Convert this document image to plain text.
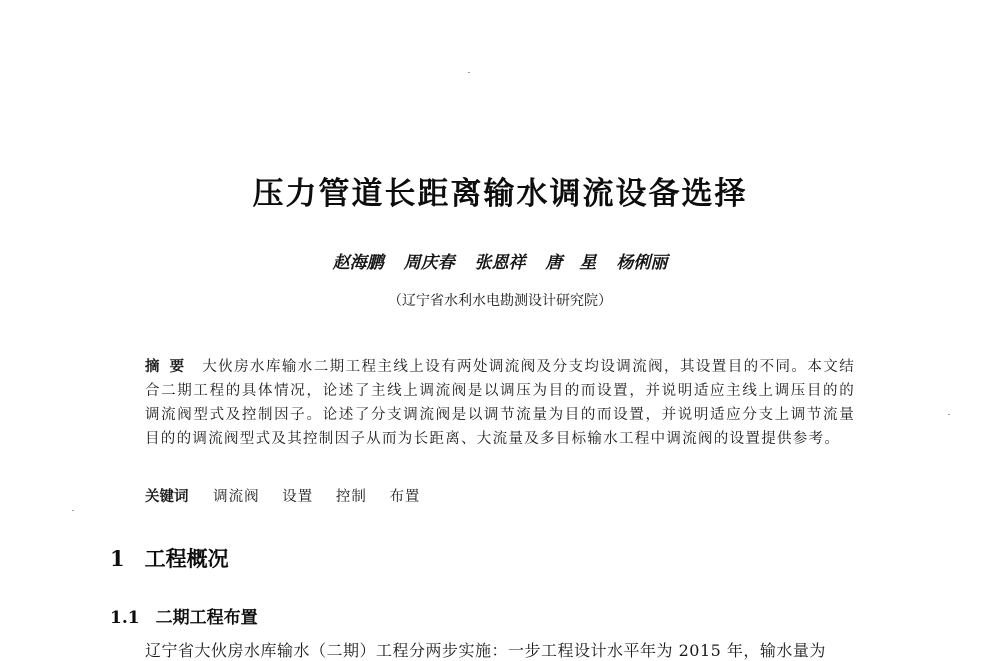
压力管道长距离输水调流设备选择
赵海鹏 周庆春 张恩祥 唐　星 杨俐丽
（辽宁省水利水电勘测设计研究院）
摘要 大伙房水库输水二期工程主线上设有两处调流阀及分支均设调流阀，其设置目的不同。本文结合二期工程的具体情况，论述了主线上调流阀是以调压为目的而设置，并说明适应主线上调压目的的调流阀型式及控制因子。论述了分支调流阀是以调节流量为目的而设置，并说明适应分支上调节流量目的的调流阀型式及其控制因子从而为长距离、大流量及多目标输水工程中调流阀的设置提供参考。
关键词 调流阀 设置 控制 布置
1 工程概况
1.1 二期工程布置
辽宁省大伙房水库输水（二期）工程分两步实施：一步工程设计水平年为 2015 年，输水量为
